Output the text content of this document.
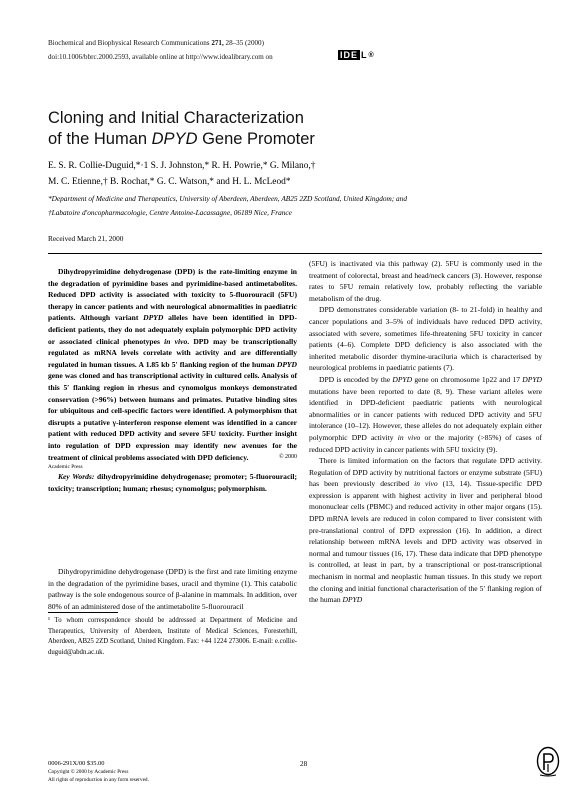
Biochemical and Biophysical Research Communications 271, 28–35 (2000)
doi:10.1006/bbrc.2000.2593, available online at http://www.idealibrary.com on	IDE L ®
Cloning and Initial Characterization
of the Human DPYD Gene Promoter
E. S. R. Collie-Duguid,*·1 S. J. Johnston,* R. H. Powrie,* G. Milano,†
M. C. Etienne,† B. Rochat,* G. C. Watson,* and H. L. McLeod*
*Department of Medicine and Therapeutics, University of Aberdeen, Aberdeen, AB25 2ZD Scotland, United Kingdom; and
†Labatoire d'oncopharmacologie, Centre Antoine-Lacassagne, 06189 Nice, France
Received March 21, 2000

Dihydropyrimidine dehydrogenase (DPD) is the rate-limiting enzyme in the degradation of pyrimidine bases and pyrimidine-based antimetabolites. Reduced DPD activity is associated with toxicity to 5-fluorouracil (5FU) therapy in cancer patients and with neurological abnormalities in paediatric patients. Although variant DPYD alleles have been identified in DPD-deficient patients, they do not adequately explain polymorphic DPD activity or associated clinical phenotypes in vivo. DPD may be transcriptionally regulated as mRNA levels correlate with activity and are differentially regulated in human tissues. A 1.85 kb 5′ flanking region of the human DPYD gene was cloned and has transcriptional activity in cultured cells. Analysis of this 5′ flanking region in rhesus and cynomolgus monkeys demonstrated conservation (>96%) between humans and primates. Putative binding sites for ubiquitous and cell-specific factors were identified. A polymorphism that disrupts a putative γ-interferon response element was identified in a cancer patient with reduced DPD activity and severe 5FU toxicity. Further insight into regulation of DPD expression may identify new avenues for the treatment of clinical problems associated with DPD deficiency.	© 2000

Academic Press

Key Words: dihydropyrimidine dehydrogenase; promoter; 5-fluorouracil; toxicity; transcription; human; rhesus; cynomolgus; polymorphism.

Dihydropyrimidine dehydrogenase (DPD) is the first and rate limiting enzyme in the degradation of the pyrimidine bases, uracil and thymine (1). This catabolic pathway is the sole endogenous source of β-alanine in mammals. In addition, over 80% of an administered dose of the antimetabolite 5-fluorouracil

¹ To whom correspondence should be addressed at Department of Medicine and Therapeutics, University of Aberdeen, Institute of Medical Sciences, Foresterhill, Aberdeen, AB25 2ZD Scotland, United Kingdom. Fax: +44 1224 273006. E-mail: e.collie-duguid@abdn.ac.uk.

(5FU) is inactivated via this pathway (2). 5FU is commonly used in the treatment of colorectal, breast and head/neck cancers (3). However, response rates to 5FU remain relatively low, probably reflecting the variable metabolism of the drug.

DPD demonstrates considerable variation (8- to 21-fold) in healthy and cancer populations and 3–5% of individuals have reduced DPD activity, associated with severe, sometimes life-threatening 5FU toxicity in cancer patients (4–6). Complete DPD deficiency is also associated with the inherited metabolic disorder thymine-uraciluria which is characterised by neurological problems in paediatric patients (7).

DPD is encoded by the DPYD gene on chromosome 1p22 and 17 DPYD mutations have been reported to date (8, 9). These variant alleles were identified in DPD-deficient paediatric patients with neurological abnormalities or in cancer patients with reduced DPD activity and 5FU intolerance (10–12). However, these alleles do not adequately explain either polymorphic DPD activity in vivo or the majority (>85%) of cases of reduced DPD activity in cancer patients with 5FU toxicity (9).

There is limited information on the factors that regulate DPD activity. Regulation of DPD activity by nutritional factors or enzyme substrate (5FU) has been previously described in vivo (13, 14). Tissue-specific DPD expression is apparent with highest activity in liver and peripheral blood mononuclear cells (PBMC) and reduced activity in other major organs (15). DPD mRNA levels are reduced in colon compared to liver consistent with pre-translational control of DPD expression (16). In addition, a direct relationship between mRNA levels and DPD activity was observed in normal and tumour tissues (16, 17). These data indicate that DPD phenotype is controlled, at least in part, by a transcriptional or post-transcriptional mechanism in normal and neoplastic human tissues. In this study we report the cloning and initial functional characterisation of the 5′ flanking region of the human DPYD

0006-291X/00 $35.00
Copyright © 2000 by Academic Press
All rights of reproduction in any form reserved.
28
